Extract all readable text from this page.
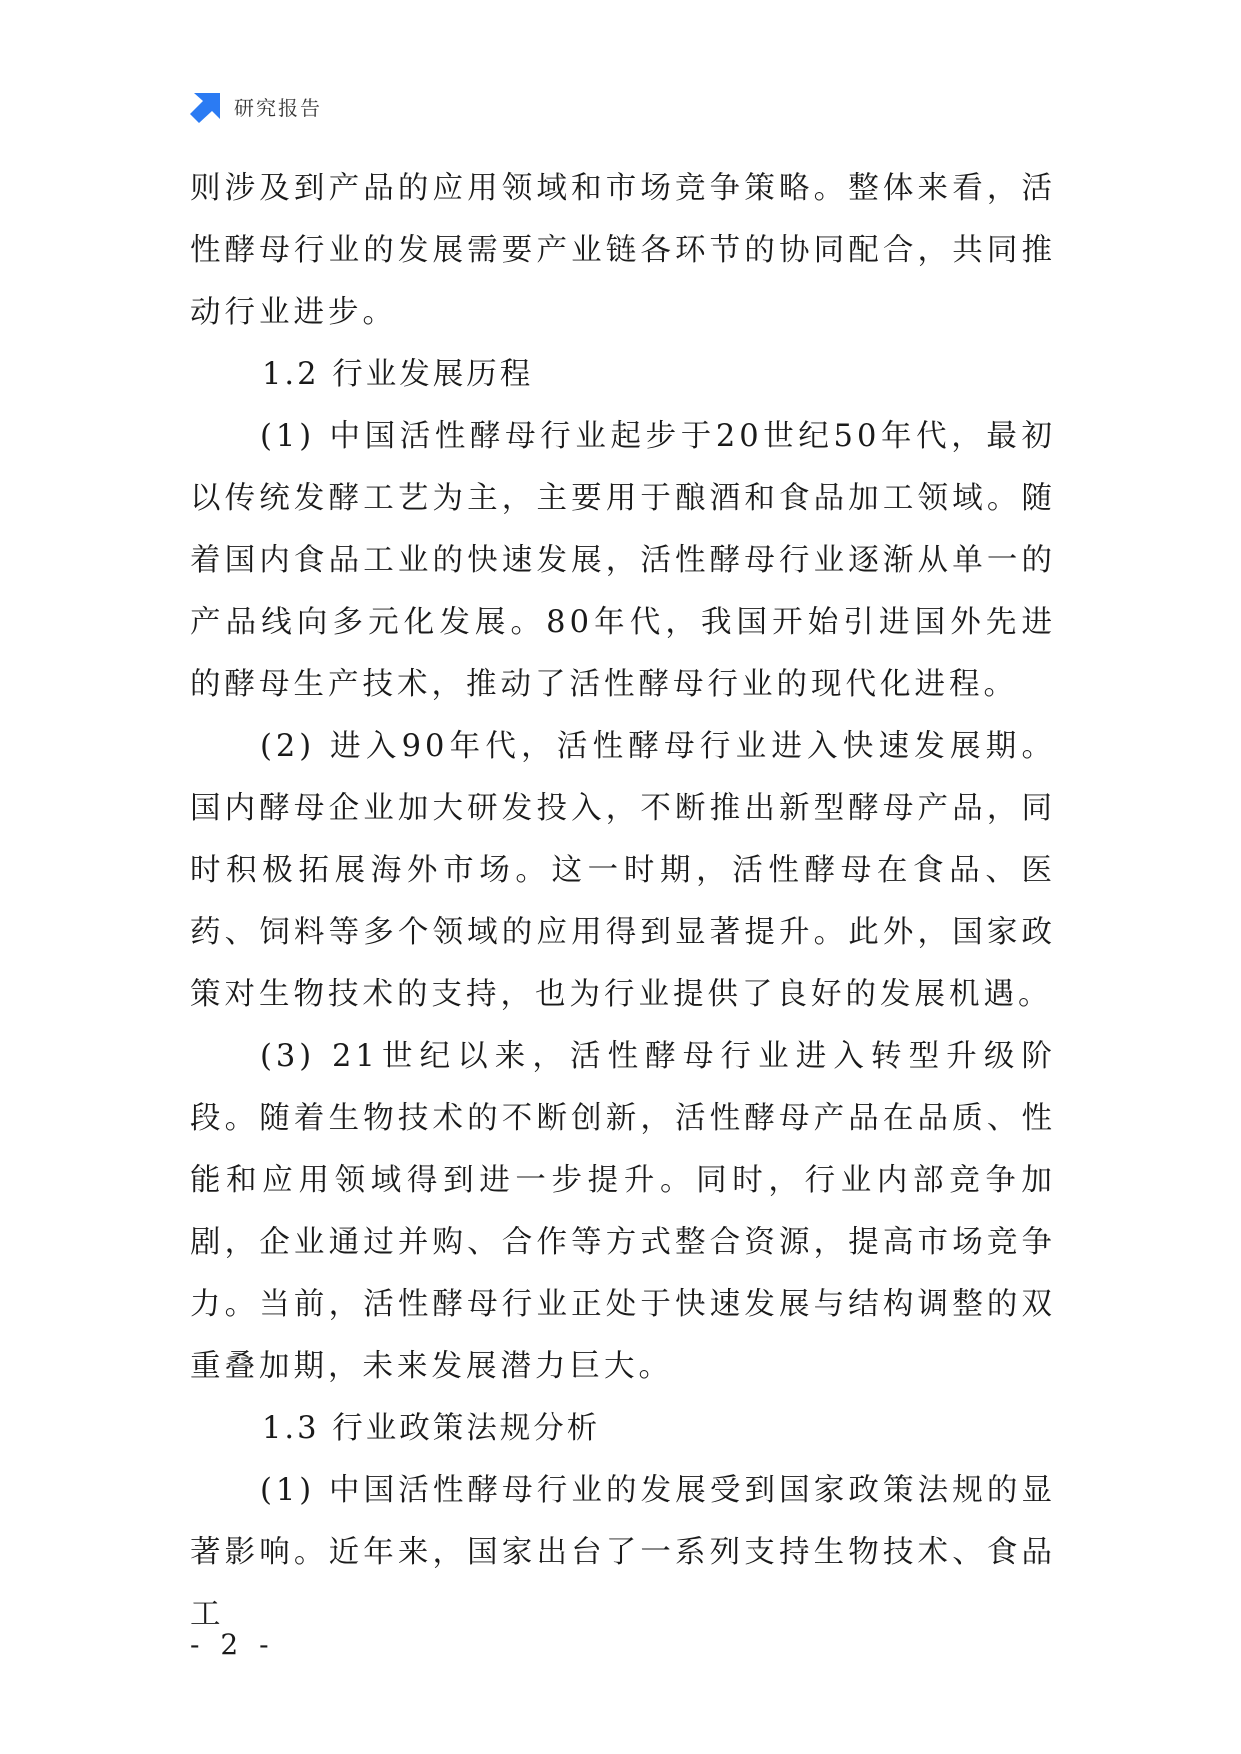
研究报告

则涉及到产品的应用领域和市场竞争策略。整体来看，活性酵母行业的发展需要产业链各环节的协同配合，共同推动行业进步。

1.2 行业发展历程

(1) 中国活性酵母行业起步于20世纪50年代，最初以传统发酵工艺为主，主要用于酿酒和食品加工领域。随着国内食品工业的快速发展，活性酵母行业逐渐从单一的产品线向多元化发展。80年代，我国开始引进国外先进的酵母生产技术，推动了活性酵母行业的现代化进程。

(2) 进入90年代，活性酵母行业进入快速发展期。国内酵母企业加大研发投入，不断推出新型酵母产品，同时积极拓展海外市场。这一时期，活性酵母在食品、医药、饲料等多个领域的应用得到显著提升。此外，国家政策对生物技术的支持，也为行业提供了良好的发展机遇。

(3) 21世纪以来，活性酵母行业进入转型升级阶段。随着生物技术的不断创新，活性酵母产品在品质、性能和应用领域得到进一步提升。同时，行业内部竞争加剧，企业通过并购、合作等方式整合资源，提高市场竞争力。当前，活性酵母行业正处于快速发展与结构调整的双重叠加期，未来发展潜力巨大。

1.3 行业政策法规分析

(1) 中国活性酵母行业的发展受到国家政策法规的显著影响。近年来，国家出台了一系列支持生物技术、食品工

- 2 -
